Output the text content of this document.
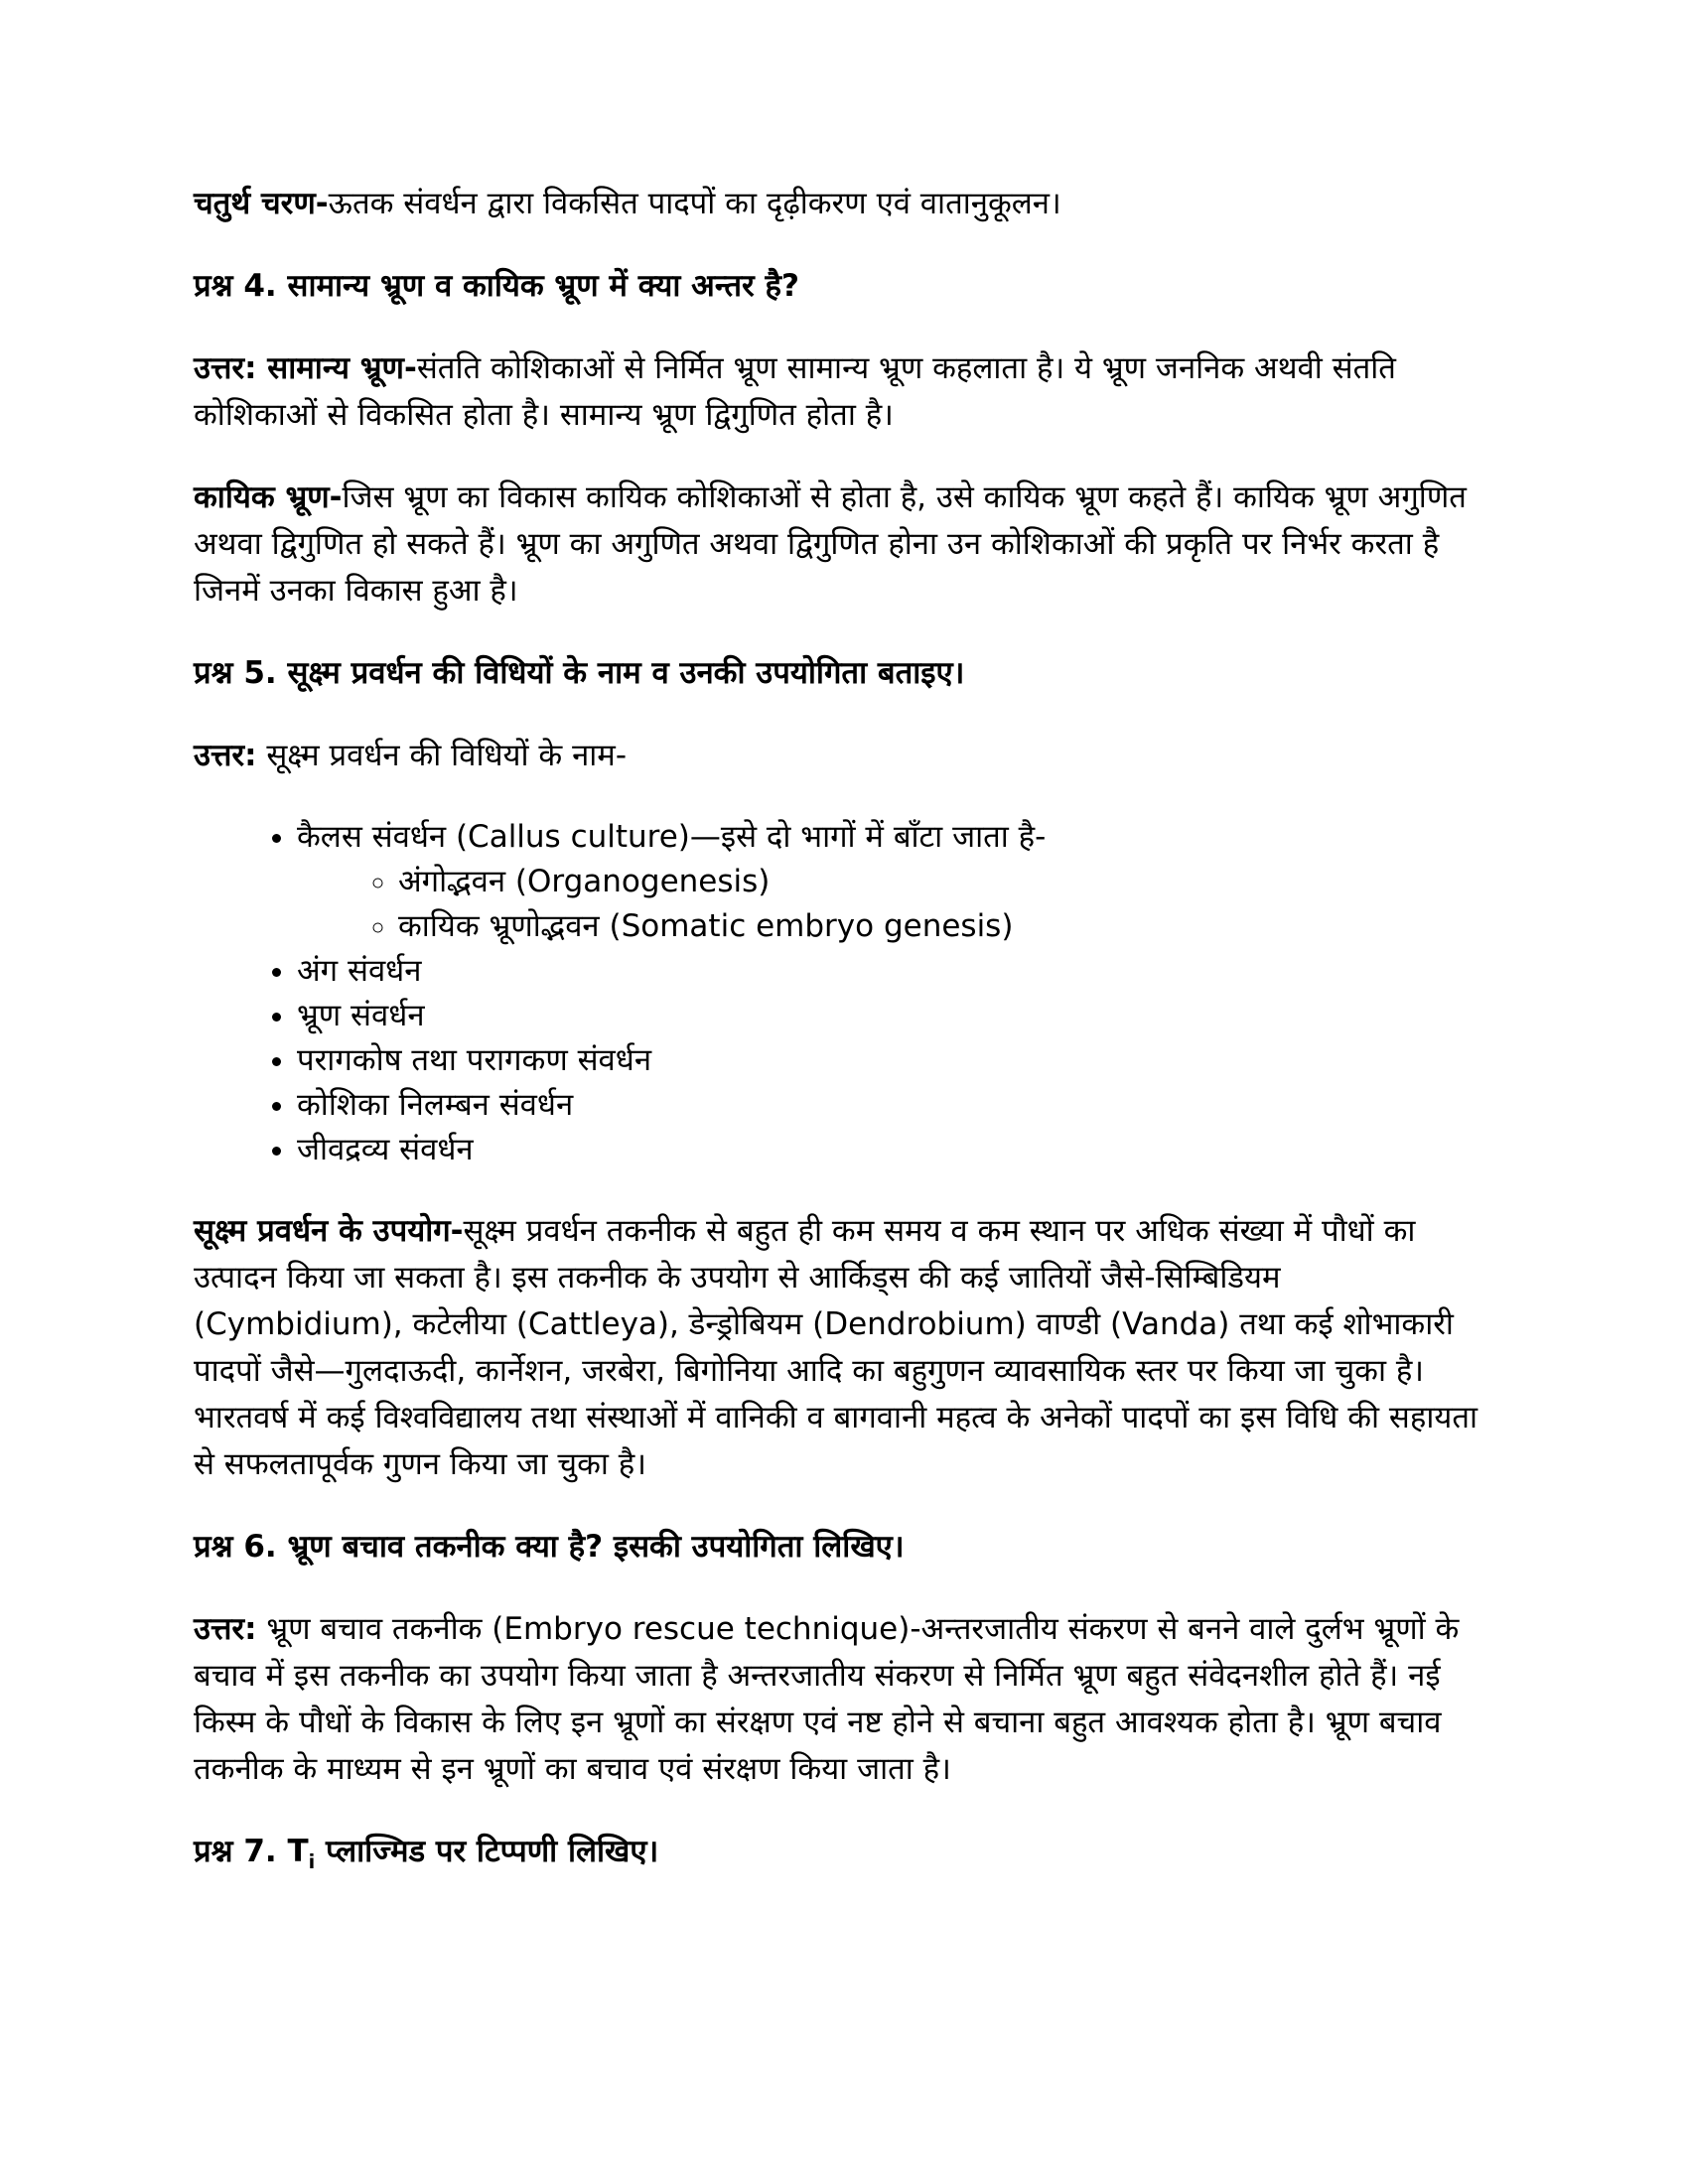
चतुर्थ चरण-ऊतक संवर्धन द्वारा विकसित पादपों का दृढ़ीकरण एवं वातानुकूलन।

प्रश्न 4. सामान्य भ्रूण व कायिक भ्रूण में क्या अन्तर है?

उत्तर: सामान्य भ्रूण-संतति कोशिकाओं से निर्मित भ्रूण सामान्य भ्रूण कहलाता है। ये भ्रूण जननिक अथवी संतति कोशिकाओं से विकसित होता है। सामान्य भ्रूण द्विगुणित होता है।

कायिक भ्रूण-जिस भ्रूण का विकास कायिक कोशिकाओं से होता है, उसे कायिक भ्रूण कहते हैं। कायिक भ्रूण अगुणित अथवा द्विगुणित हो सकते हैं। भ्रूण का अगुणित अथवा द्विगुणित होना उन कोशिकाओं की प्रकृति पर निर्भर करता है जिनमें उनका विकास हुआ है।

प्रश्न 5. सूक्ष्म प्रवर्धन की विधियों के नाम व उनकी उपयोगिता बताइए।

उत्तर: सूक्ष्म प्रवर्धन की विधियों के नाम-

• कैलस संवर्धन (Callus culture)—इसे दो भागों में बाँटा जाता है-
◦ अंगोद्भवन (Organogenesis)
◦ कायिक भ्रूणोद्भवन (Somatic embryo genesis)
• अंग संवर्धन
• भ्रूण संवर्धन
• परागकोष तथा परागकण संवर्धन
• कोशिका निलम्बन संवर्धन
• जीवद्रव्य संवर्धन

सूक्ष्म प्रवर्धन के उपयोग-सूक्ष्म प्रवर्धन तकनीक से बहुत ही कम समय व कम स्थान पर अधिक संख्या में पौधों का उत्पादन किया जा सकता है। इस तकनीक के उपयोग से आर्किड्स की कई जातियों जैसे-सिम्बिडियम (Cymbidium), कटेलीया (Cattleya), डेन्ड्रोबियम (Dendrobium) वाण्डी (Vanda) तथा कई शोभाकारी पादपों जैसे—गुलदाऊदी, कार्नेशन, जरबेरा, बिगोनिया आदि का बहुगुणन व्यावसायिक स्तर पर किया जा चुका है। भारतवर्ष में कई विश्वविद्यालय तथा संस्थाओं में वानिकी व बागवानी महत्व के अनेकों पादपों का इस विधि की सहायता से सफलतापूर्वक गुणन किया जा चुका है।

प्रश्न 6. भ्रूण बचाव तकनीक क्या है? इसकी उपयोगिता लिखिए।

उत्तर: भ्रूण बचाव तकनीक (Embryo rescue technique)-अन्तरजातीय संकरण से बनने वाले दुर्लभ भ्रूणों के बचाव में इस तकनीक का उपयोग किया जाता है अन्तरजातीय संकरण से निर्मित भ्रूण बहुत संवेदनशील होते हैं। नई किस्म के पौधों के विकास के लिए इन भ्रूणों का संरक्षण एवं नष्ट होने से बचाना बहुत आवश्यक होता है। भ्रूण बचाव तकनीक के माध्यम से इन भ्रूणों का बचाव एवं संरक्षण किया जाता है।

प्रश्न 7. $T_i$ प्लाज्मिड पर टिप्पणी लिखिए।
